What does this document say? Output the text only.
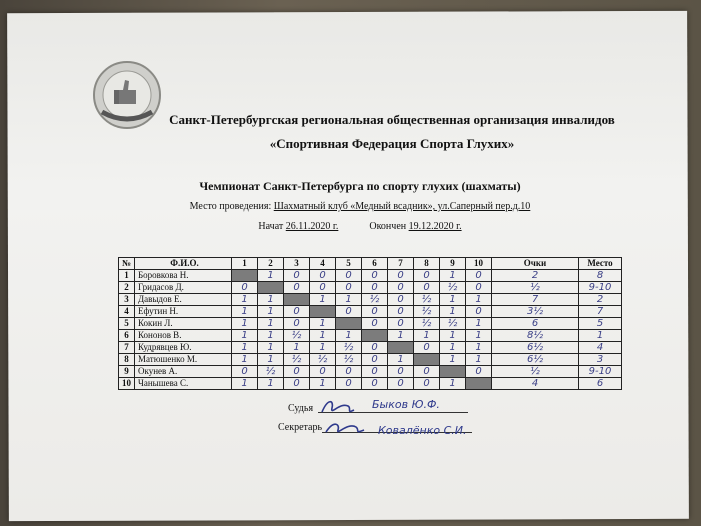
Санкт-Петербургская региональная общественная организация инвалидов
«Спортивная Федерация Спорта Глухих»
Чемпионат Санкт-Петербурга по спорту глухих (шахматы)
Место проведения: Шахматный клуб «Медный всадник», ул.Саперный пер.д.10
Начат 26.11.2020 г.	Окончен 19.12.2020 г.
№	Ф.И.О.	1	2	3	4	5	6	7	8	9	10	Очки	Место
1	Боровкова Н.		1	0	0	0	0	0	0	1	0	2	8
2	Гридасов Д.	0		0	0	0	0	0	0	½	0	½	9-10
3	Давыдов Е.	1	1		1	1	½	0	½	1	1	7	2
4	Ефутин Н.	1	1	0		0	0	0	½	1	0	3½	7
5	Кокин Л.	1	1	0	1		0	0	½	½	1	6	5
6	Кононов В.	1	1	½	1	1		1	1	1	1	8½	1
7	Кудрявцев Ю.	1	1	1	1	½	0		0	1	1	6½	4
8	Матюшенко М.	1	1	½	½	½	0	1		1	1	6½	3
9	Окунев А.	0	½	0	0	0	0	0	0		0	½	9-10
10	Чанышева С.	1	1	0	1	0	0	0	0	1		4	6
Судья	Быков Ю.Ф.
Секретарь	Ковалёнко С.И.
